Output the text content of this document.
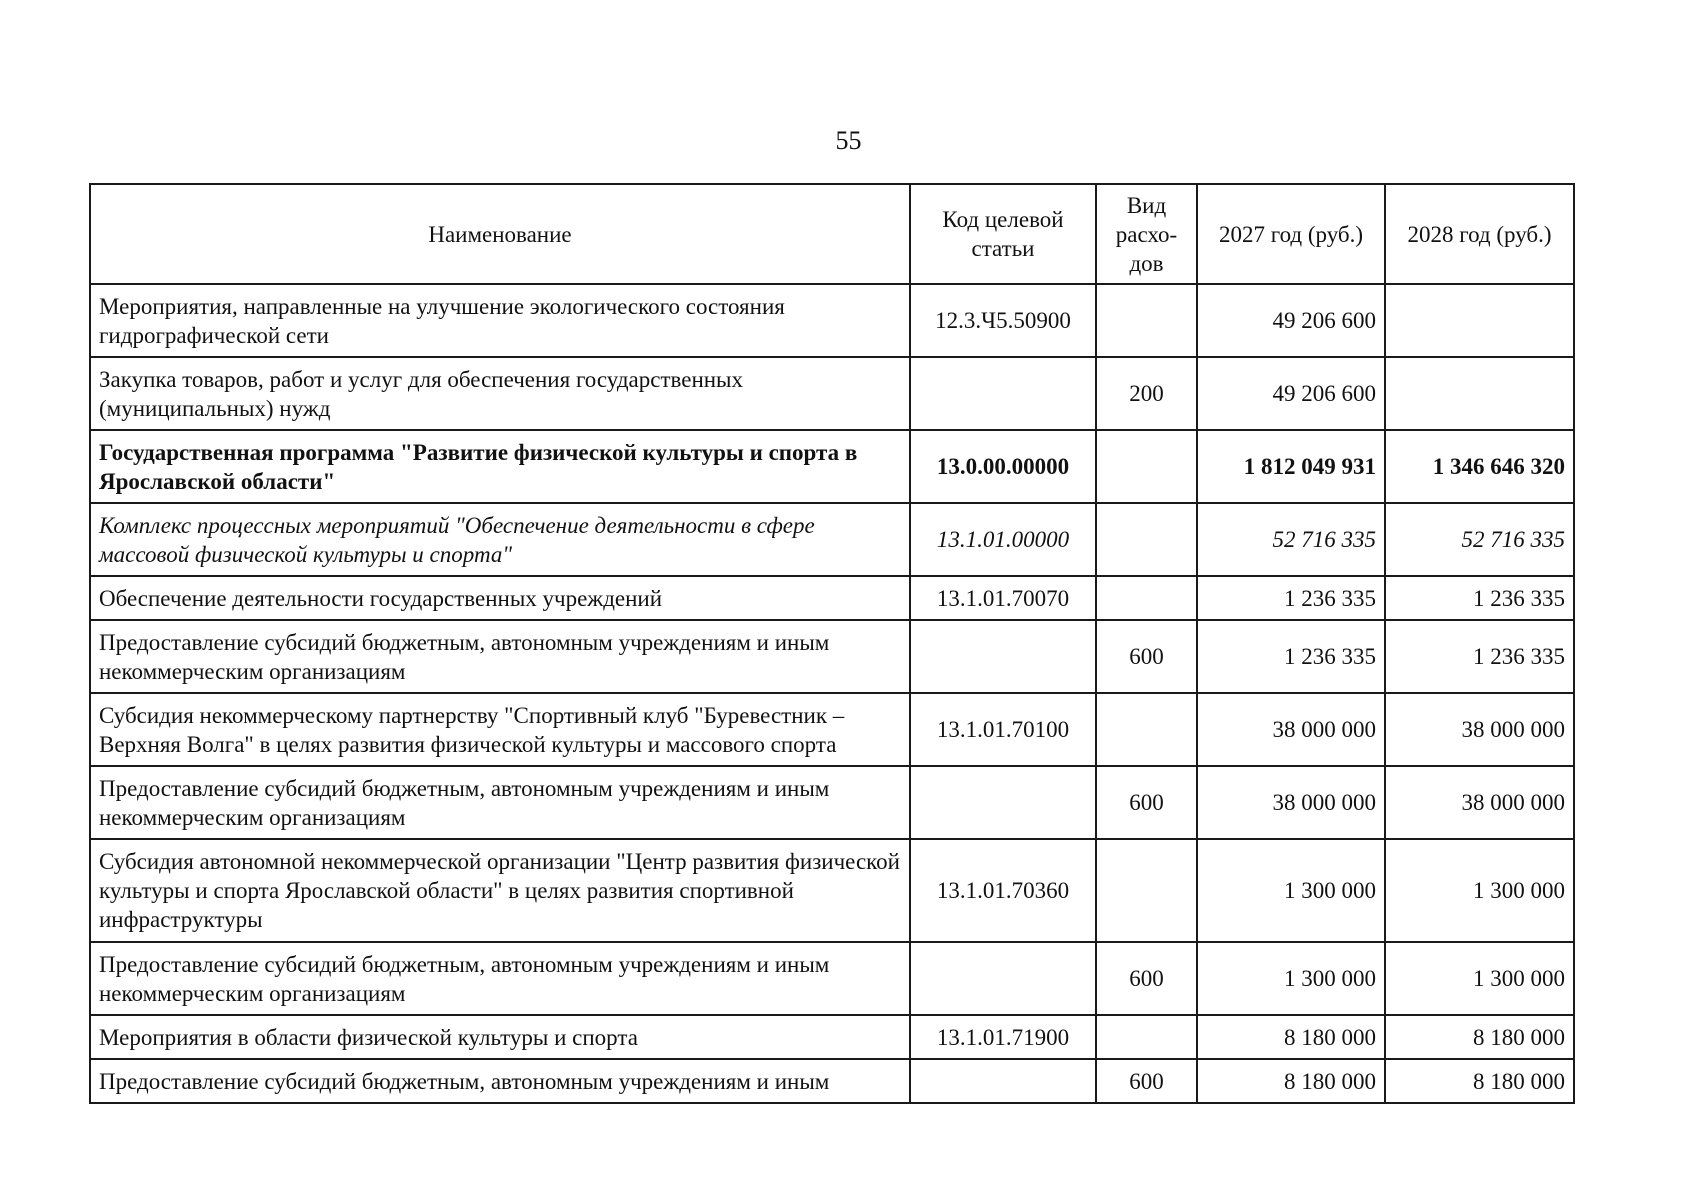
55
Наименование	Код целевой статьи	Вид расхо-дов	2027 год (руб.)	2028 год (руб.)
Мероприятия, направленные на улучшение экологического состояния гидрографической сети	12.3.Ч5.50900		49 206 600	
Закупка товаров, работ и услуг для обеспечения государственных (муниципальных) нужд		200	49 206 600	
Государственная программа "Развитие физической культуры и спорта в Ярославской области"	13.0.00.00000		1 812 049 931	1 346 646 320
Комплекс процессных мероприятий "Обеспечение деятельности в сфере массовой физической культуры и спорта"	13.1.01.00000		52 716 335	52 716 335
Обеспечение деятельности государственных учреждений	13.1.01.70070		1 236 335	1 236 335
Предоставление субсидий бюджетным, автономным учреждениям и иным некоммерческим организациям		600	1 236 335	1 236 335
Субсидия некоммерческому партнерству "Спортивный клуб "Буревестник – Верхняя Волга" в целях развития физической культуры и массового спорта	13.1.01.70100		38 000 000	38 000 000
Предоставление субсидий бюджетным, автономным учреждениям и иным некоммерческим организациям		600	38 000 000	38 000 000
Субсидия автономной некоммерческой организации "Центр развития физической культуры и спорта Ярославской области" в целях развития спортивной инфраструктуры	13.1.01.70360		1 300 000	1 300 000
Предоставление субсидий бюджетным, автономным учреждениям и иным некоммерческим организациям		600	1 300 000	1 300 000
Мероприятия в области физической культуры и спорта	13.1.01.71900		8 180 000	8 180 000
Предоставление субсидий бюджетным, автономным учреждениям и иным		600	8 180 000	8 180 000
